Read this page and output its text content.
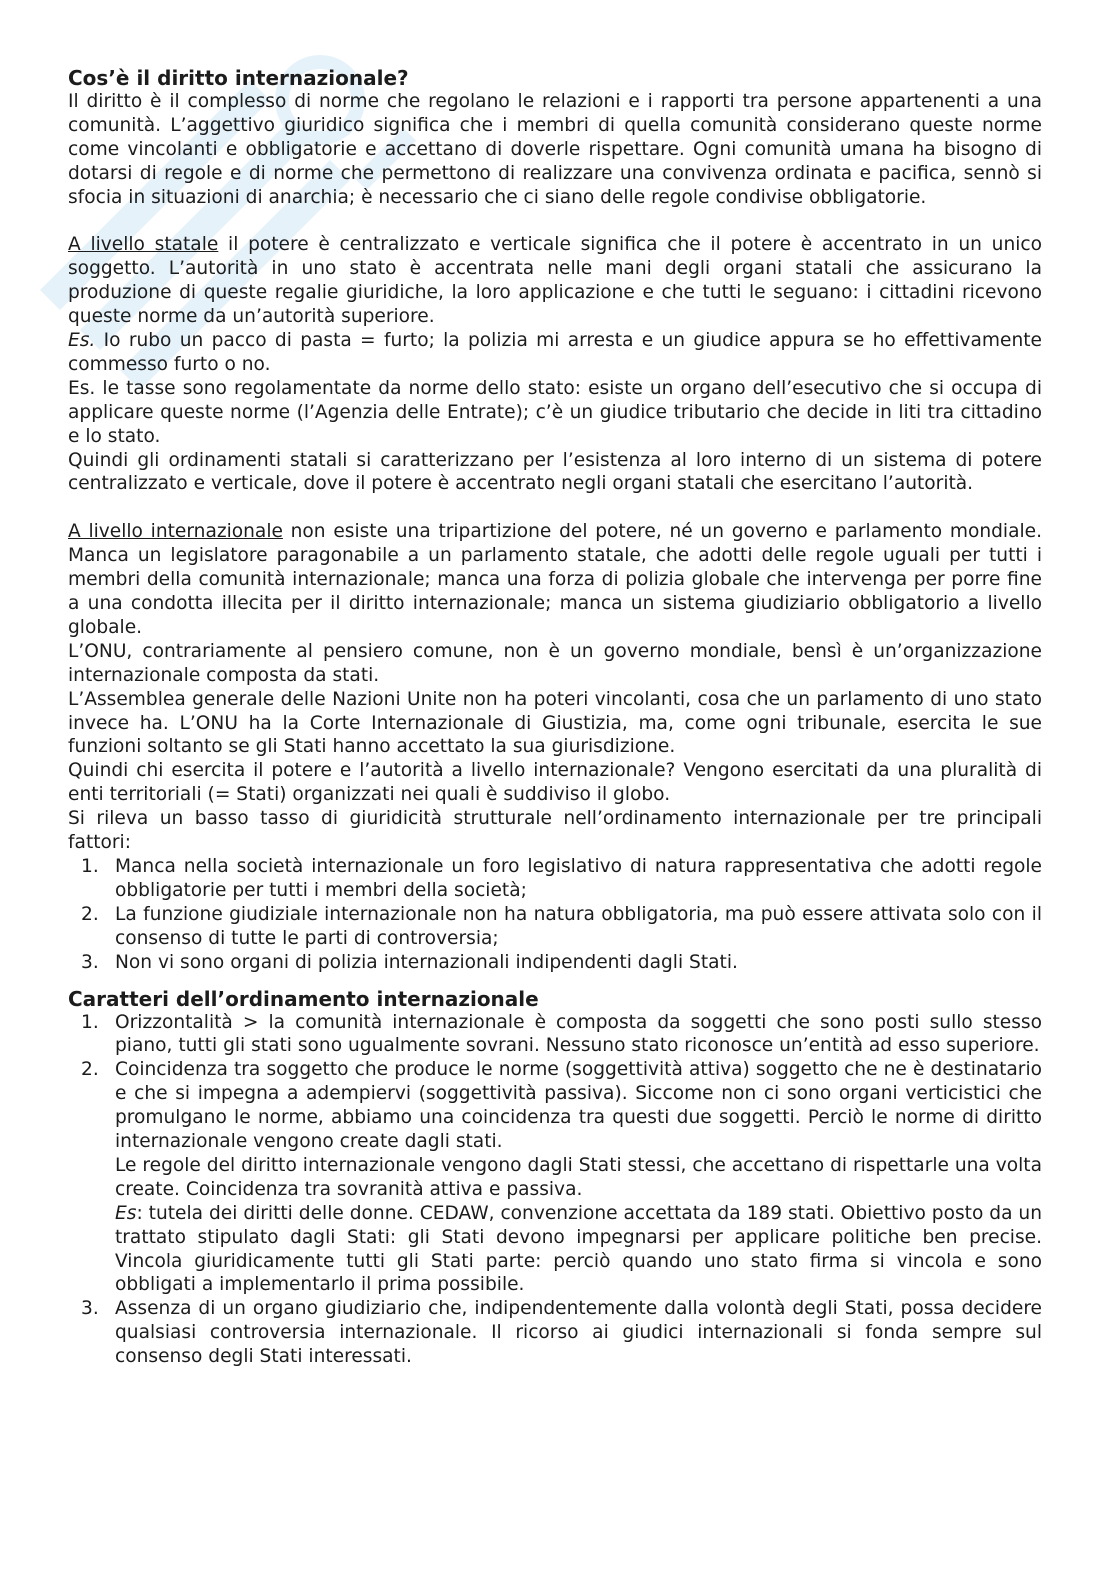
Cos’è il diritto internazionale?

Il diritto è il complesso di norme che regolano le relazioni e i rapporti tra persone appartenenti a una comunità. L’aggettivo giuridico significa che i membri di quella comunità considerano queste norme come vincolanti e obbligatorie e accettano di doverle rispettare. Ogni comunità umana ha bisogno di dotarsi di regole e di norme che permettono di realizzare una convivenza ordinata e pacifica, sennò si sfocia in situazioni di anarchia; è necessario che ci siano delle regole condivise obbligatorie.

A livello statale il potere è centralizzato e verticale significa che il potere è accentrato in un unico soggetto. L’autorità in uno stato è accentrata nelle mani degli organi statali che assicurano la produzione di queste regalie giuridiche, la loro applicazione e che tutti le seguano: i cittadini ricevono queste norme da un’autorità superiore.

Es. Io rubo un pacco di pasta = furto; la polizia mi arresta e un giudice appura se ho effettivamente commesso furto o no.

Es. le tasse sono regolamentate da norme dello stato: esiste un organo dell’esecutivo che si occupa di applicare queste norme (l’Agenzia delle Entrate); c’è un giudice tributario che decide in liti tra cittadino e lo stato.

Quindi gli ordinamenti statali si caratterizzano per l’esistenza al loro interno di un sistema di potere centralizzato e verticale, dove il potere è accentrato negli organi statali che esercitano l’autorità.

A livello internazionale non esiste una tripartizione del potere, né un governo e parlamento mondiale. Manca un legislatore paragonabile a un parlamento statale, che adotti delle regole uguali per tutti i membri della comunità internazionale; manca una forza di polizia globale che intervenga per porre fine a una condotta illecita per il diritto internazionale; manca un sistema giudiziario obbligatorio a livello globale.

L’ONU, contrariamente al pensiero comune, non è un governo mondiale, bensì è un’organizzazione internazionale composta da stati.

L’Assemblea generale delle Nazioni Unite non ha poteri vincolanti, cosa che un parlamento di uno stato invece ha. L’ONU ha la Corte Internazionale di Giustizia, ma, come ogni tribunale, esercita le sue funzioni soltanto se gli Stati hanno accettato la sua giurisdizione.

Quindi chi esercita il potere e l’autorità a livello internazionale? Vengono esercitati da una pluralità di enti territoriali (= Stati) organizzati nei quali è suddiviso il globo.

Si rileva un basso tasso di giuridicità strutturale nell’ordinamento internazionale per tre principali fattori:

1. Manca nella società internazionale un foro legislativo di natura rappresentativa che adotti regole obbligatorie per tutti i membri della società;
2. La funzione giudiziale internazionale non ha natura obbligatoria, ma può essere attivata solo con il consenso di tutte le parti di controversia;
3. Non vi sono organi di polizia internazionali indipendenti dagli Stati.
Caratteri dell’ordinamento internazionale
1. Orizzontalità > la comunità internazionale è composta da soggetti che sono posti sullo stesso piano, tutti gli stati sono ugualmente sovrani. Nessuno stato riconosce un’entità ad esso superiore.
2. Coincidenza tra soggetto che produce le norme (soggettività attiva) soggetto che ne è destinatario e che si impegna a adempiervi (soggettività passiva). Siccome non ci sono organi verticistici che promulgano le norme, abbiamo una coincidenza tra questi due soggetti. Perciò le norme di diritto internazionale vengono create dagli stati.
Le regole del diritto internazionale vengono dagli Stati stessi, che accettano di rispettarle una volta create. Coincidenza tra sovranità attiva e passiva.
Es: tutela dei diritti delle donne. CEDAW, convenzione accettata da 189 stati. Obiettivo posto da un trattato stipulato dagli Stati: gli Stati devono impegnarsi per applicare politiche ben precise. Vincola giuridicamente tutti gli Stati parte: perciò quando uno stato firma si vincola e sono obbligati a implementarlo il prima possibile.
3. Assenza di un organo giudiziario che, indipendentemente dalla volontà degli Stati, possa decidere qualsiasi controversia internazionale. Il ricorso ai giudici internazionali si fonda sempre sul consenso degli Stati interessati.
